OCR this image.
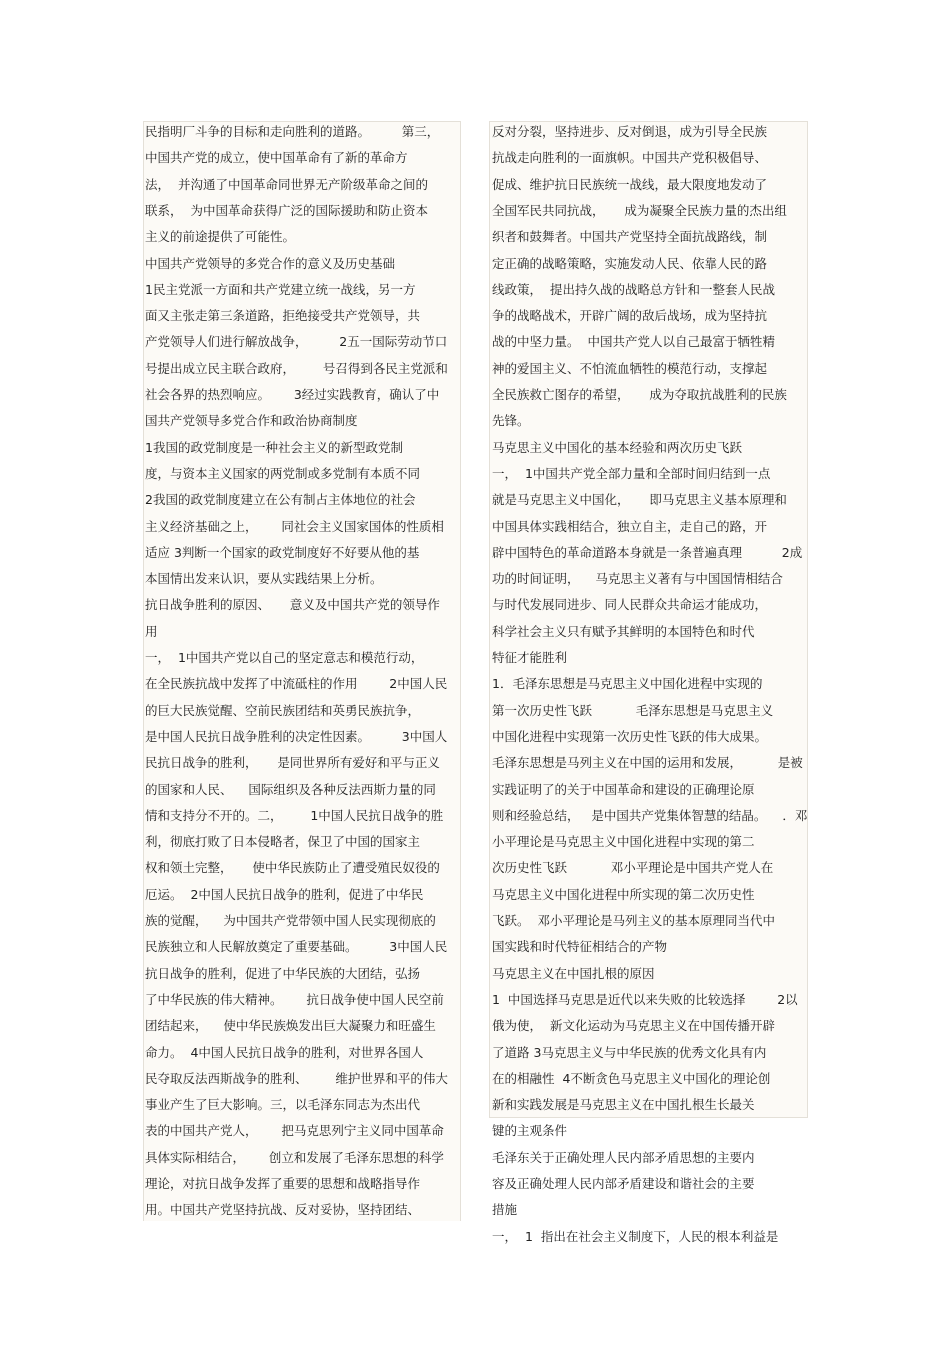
民指明厂斗争的目标和走向胜利的道路。        第三，
中国共产党的成立，使中国革命有了新的革命方
法，  并沟通了中国革命同世界无产阶级革命之间的
联系，  为中国革命获得广泛的国际援助和防止资本
主义的前途提供了可能性。
中国共产党领导的多党合作的意义及历史基础
1民主党派一方面和共产党建立统一战线，另一方
面又主张走第三条道路，拒绝接受共产党领导，共
产党领导人们进行解放战争，        2五一国际劳动节口
号提出成立民主联合政府，       号召得到各民主党派和
社会各界的热烈响应。      3经过实践教育，确认了中
国共产党领导多党合作和政治协商制度
1我国的政党制度是一种社会主义的新型政党制
度，与资本主义国家的两党制或多党制有本质不同
2我国的政党制度建立在公有制占主体地位的社会
主义经济基础之上，      同社会主义国家国体的性质相
适应 3判断一个国家的政党制度好不好要从他的基
本国情出发来认识，要从实践结果上分析。
抗日战争胜利的原因、     意义及中国共产党的领导作
用
一，  1中国共产党以自己的坚定意志和模范行动，
在全民族抗战中发挥了中流砥柱的作用        2中国人民
的巨大民族觉醒、空前民族团结和英勇民族抗争，
是中国人民抗日战争胜利的决定性因素。        3中国人
民抗日战争的胜利，     是同世界所有爱好和平与正义
的国家和人民、    国际组织及各种反法西斯力量的同
情和支持分不开的。二，       1中国人民抗日战争的胜
利，彻底打败了日本侵略者，保卫了中国的国家主
权和领土完整，     使中华民族防止了遭受殖民奴役的
厄运。  2中国人民抗日战争的胜利，促进了中华民
族的觉醒，    为中国共产党带领中国人民实现彻底的
民族独立和人民解放奠定了重要基础。        3中国人民
抗日战争的胜利，促进了中华民族的大团结，弘扬
了中华民族的伟大精神。      抗日战争使中国人民空前
团结起来，    使中华民族焕发出巨大凝聚力和旺盛生
命力。  4中国人民抗日战争的胜利，对世界各国人
民夺取反法西斯战争的胜利、       维护世界和平的伟大
事业产生了巨大影响。三，以毛泽东同志为杰出代
表的中国共产党人，      把马克思列宁主义同中国革命
具体实际相结合，      创立和发展了毛泽东思想的科学
理论，对抗日战争发挥了重要的思想和战略指导作
用。中国共产党坚持抗战、反对妥协，坚持团结、
反对分裂，坚持进步、反对倒退，成为引导全民族
抗战走向胜利的一面旗帜。中国共产党积极倡导、
促成、维护抗日民族统一战线，最大限度地发动了
全国军民共同抗战，     成为凝聚全民族力量的杰出组
织者和鼓舞者。中国共产党坚持全面抗战路线，制
定正确的战略策略，实施发动人民、依靠人民的路
线政策，  提出持久战的战略总方针和一整套人民战
争的战略战术，开辟广阔的敌后战场，成为坚持抗
战的中坚力量。  中国共产党人以自己最富于牺牲精
神的爱国主义、不怕流血牺牲的模范行动，支撑起
全民族救亡图存的希望，     成为夺取抗战胜利的民族
先锋。
马克思主义中国化的基本经验和两次历史飞跃
一，  1中国共产党全部力量和全部时间归结到一点
就是马克思主义中国化，     即马克思主义基本原理和
中国具体实践相结合，独立自主，走自己的路，开
辟中国特色的革命道路本身就是一条普遍真理          2成
功的时间证明，    马克思主义著有与中国国情相结合
与时代发展同进步、同人民群众共命运才能成功，
科学社会主义只有赋予其鲜明的本国特色和时代
特征才能胜利
1．毛泽东思想是马克思主义中国化进程中实现的
第一次历史性飞跃           毛泽东思想是马克思主义
中国化进程中实现第一次历史性飞跃的伟大成果。
毛泽东思想是马列主义在中国的运用和发展，         是被
实践证明了的关于中国革命和建设的正确理论原
则和经验总结，   是中国共产党集体智慧的结晶。    ．邓
小平理论是马克思主义中国化进程中实现的第二
次历史性飞跃           邓小平理论是中国共产党人在
马克思主义中国化进程中所实现的第二次历史性
飞跃。  邓小平理论是马列主义的基本原理同当代中
国实践和时代特征相结合的产物
马克思主义在中国扎根的原因
1  中国选择马克思是近代以来失败的比较选择        2以
俄为使，  新文化运动为马克思主义在中国传播开辟
了道路 3马克思主义与中华民族的优秀文化具有内
在的相融性  4不断贪色马克思主义中国化的理论创
新和实践发展是马克思主义在中国扎根生长最关
键的主观条件
毛泽东关于正确处理人民内部矛盾思想的主要内
容及正确处理人民内部矛盾建设和谐社会的主要
措施
一，  1  指出在社会主义制度下，人民的根本利益是
